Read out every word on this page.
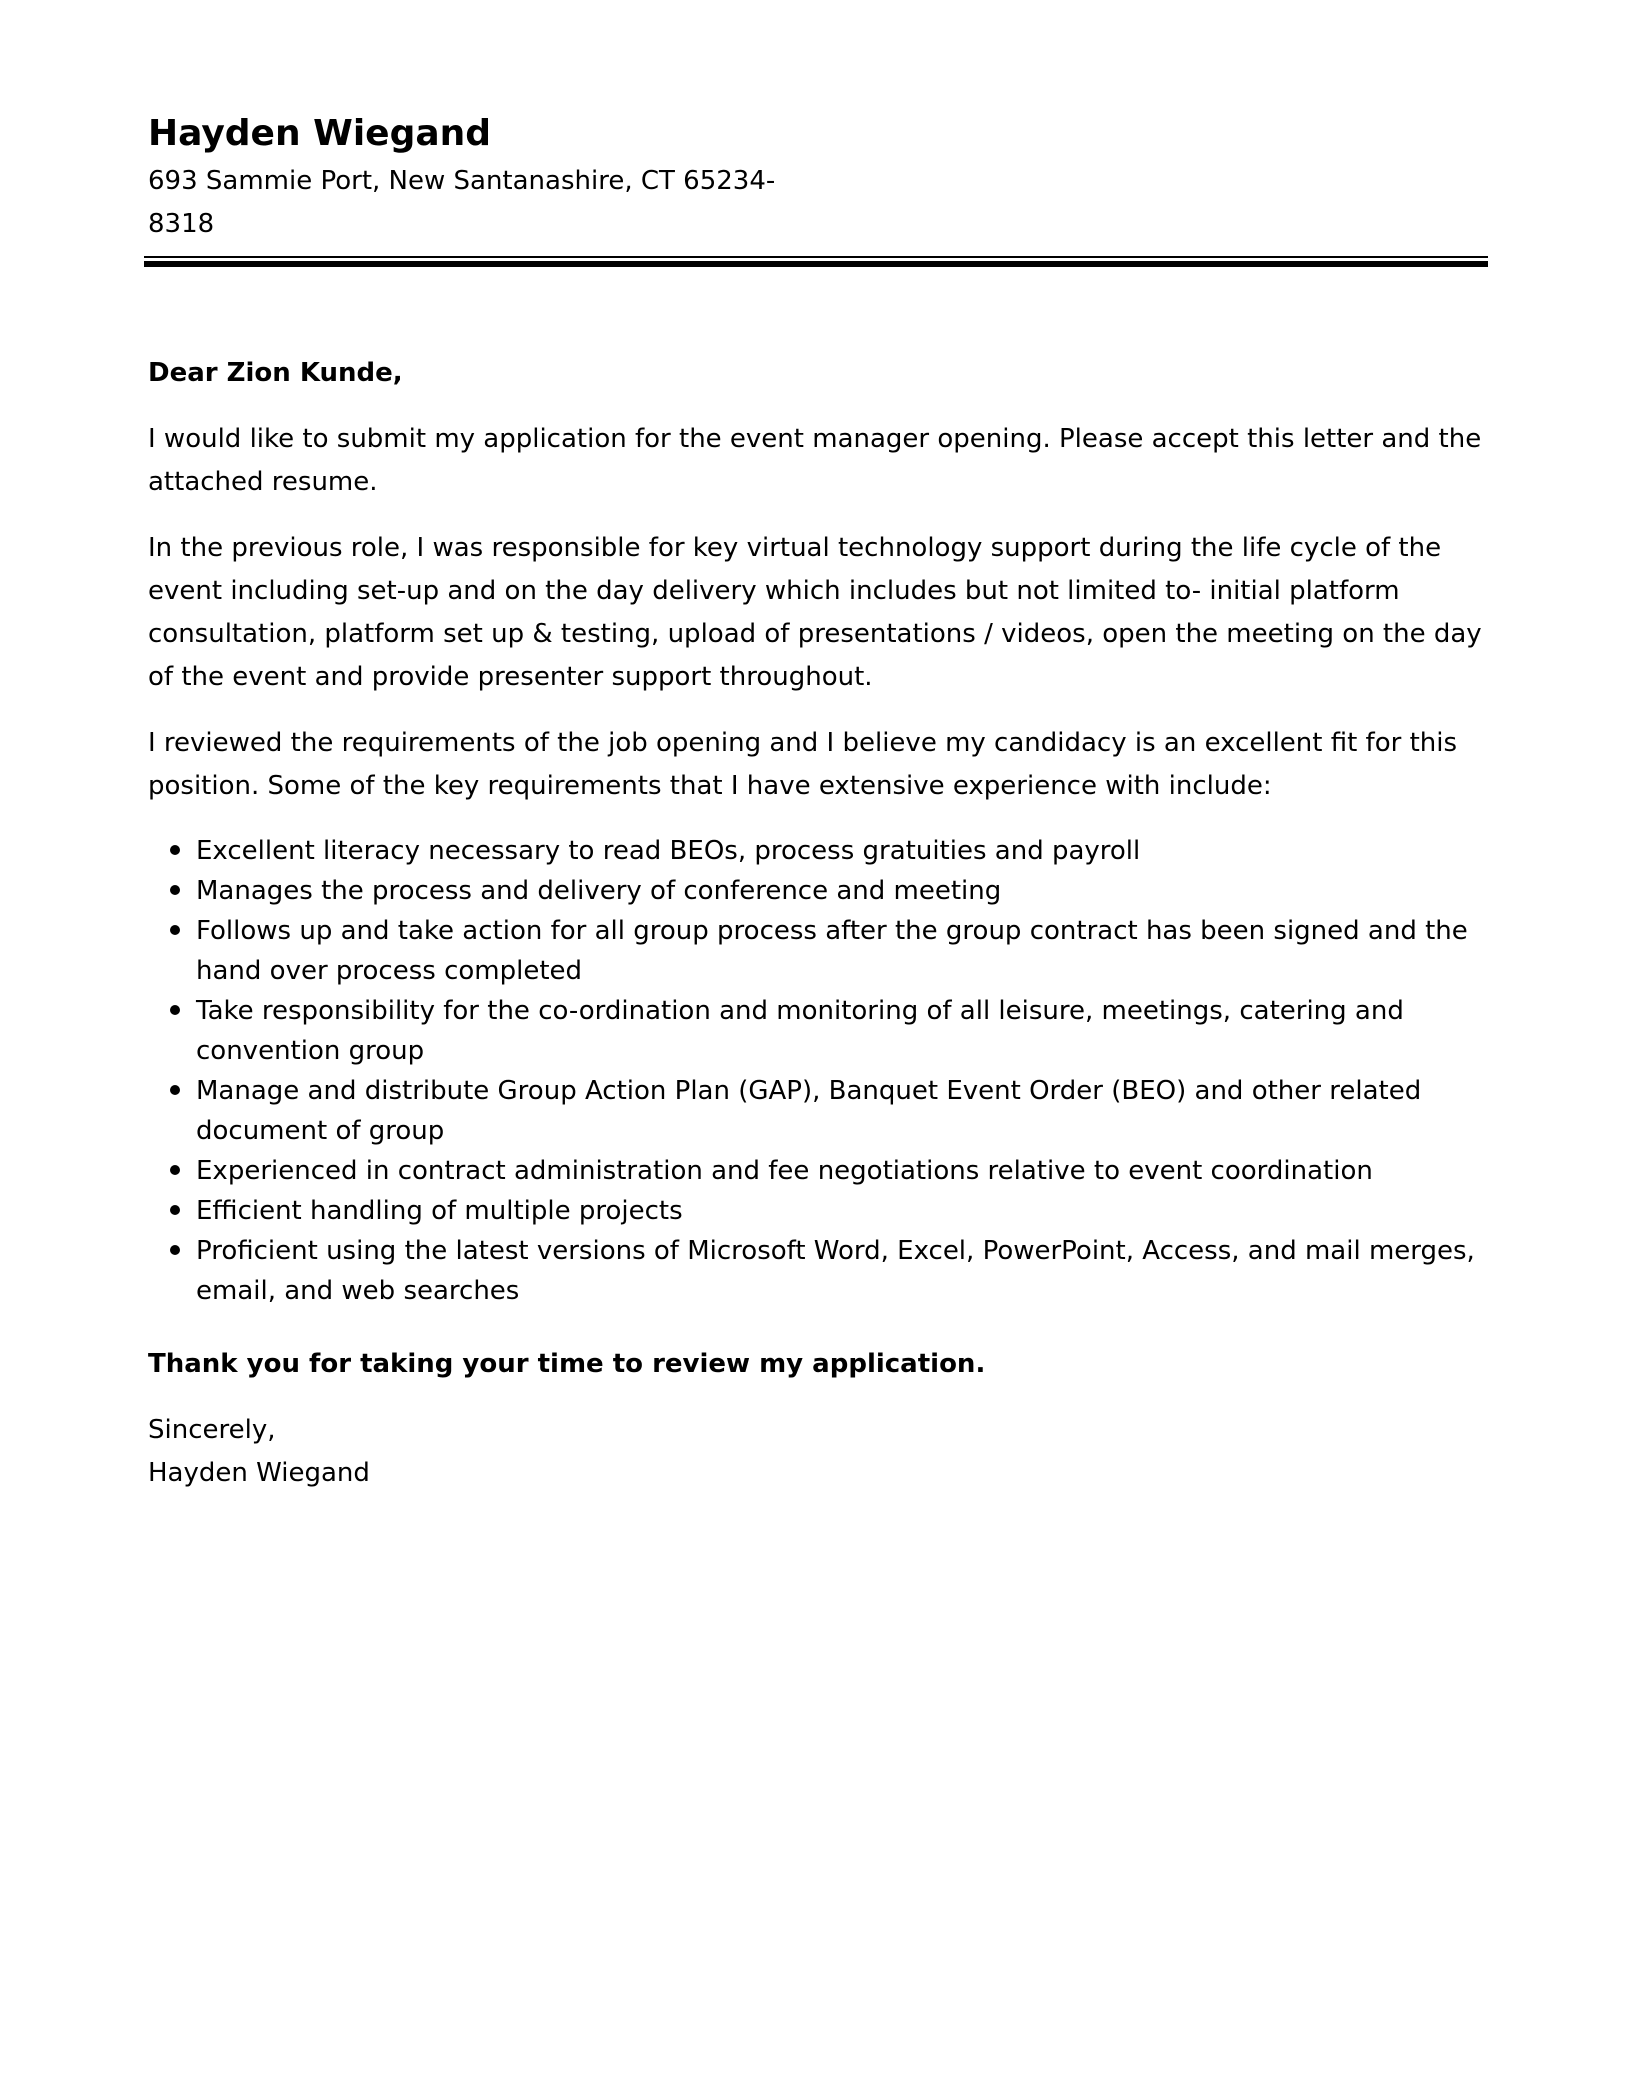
Hayden Wiegand

693 Sammie Port, New Santanashire, CT 65234-8318

Dear Zion Kunde,

I would like to submit my application for the event manager opening. Please accept this letter and the attached resume.

In the previous role, I was responsible for key virtual technology support during the life cycle of the event including set-up and on the day delivery which includes but not limited to- initial platform consultation, platform set up & testing, upload of presentations / videos, open the meeting on the day of the event and provide presenter support throughout.

I reviewed the requirements of the job opening and I believe my candidacy is an excellent fit for this position. Some of the key requirements that I have extensive experience with include:

Excellent literacy necessary to read BEOs, process gratuities and payroll
Manages the process and delivery of conference and meeting
Follows up and take action for all group process after the group contract has been signed and the hand over process completed
Take responsibility for the co-ordination and monitoring of all leisure, meetings, catering and convention group
Manage and distribute Group Action Plan (GAP), Banquet Event Order (BEO) and other related document of group
Experienced in contract administration and fee negotiations relative to event coordination
Efficient handling of multiple projects
Proficient using the latest versions of Microsoft Word, Excel, PowerPoint, Access, and mail merges, email, and web searches

Thank you for taking your time to review my application.

Sincerely,

Hayden Wiegand
